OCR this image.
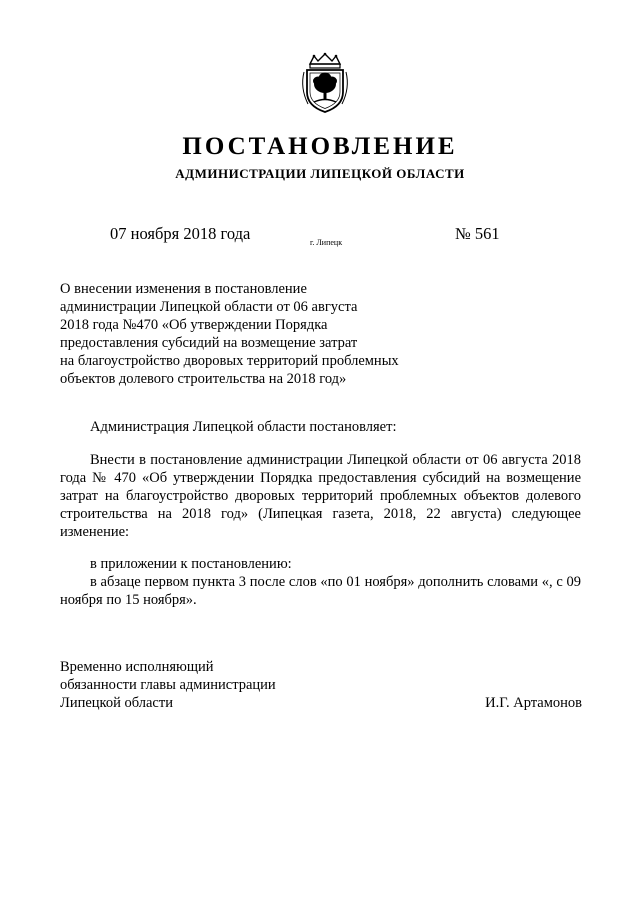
ПОСТАНОВЛЕНИЕ
АДМИНИСТРАЦИИ ЛИПЕЦКОЙ ОБЛАСТИ
07 ноября 2018 года	г. Липецк	№ 561
О внесении изменения в постановление
администрации Липецкой области от 06 августа
2018 года №470 «Об утверждении Порядка
предоставления субсидий на возмещение затрат
на благоустройство дворовых территорий проблемных
объектов долевого строительства на 2018 год»
Администрация Липецкой области постановляет:
Внести в постановление администрации Липецкой области от 06 августа 2018 года № 470 «Об утверждении Порядка предоставления субсидий на возмещение затрат на благоустройство дворовых территорий проблемных объектов долевого строительства на 2018 год» (Липецкая газета, 2018, 22 августа) следующее изменение:
в приложении к постановлению:
в абзаце первом пункта 3 после слов «по 01 ноября» дополнить словами «, с 09 ноября по 15 ноября».
Временно исполняющий
обязанности главы администрации
Липецкой области	И.Г. Артамонов
